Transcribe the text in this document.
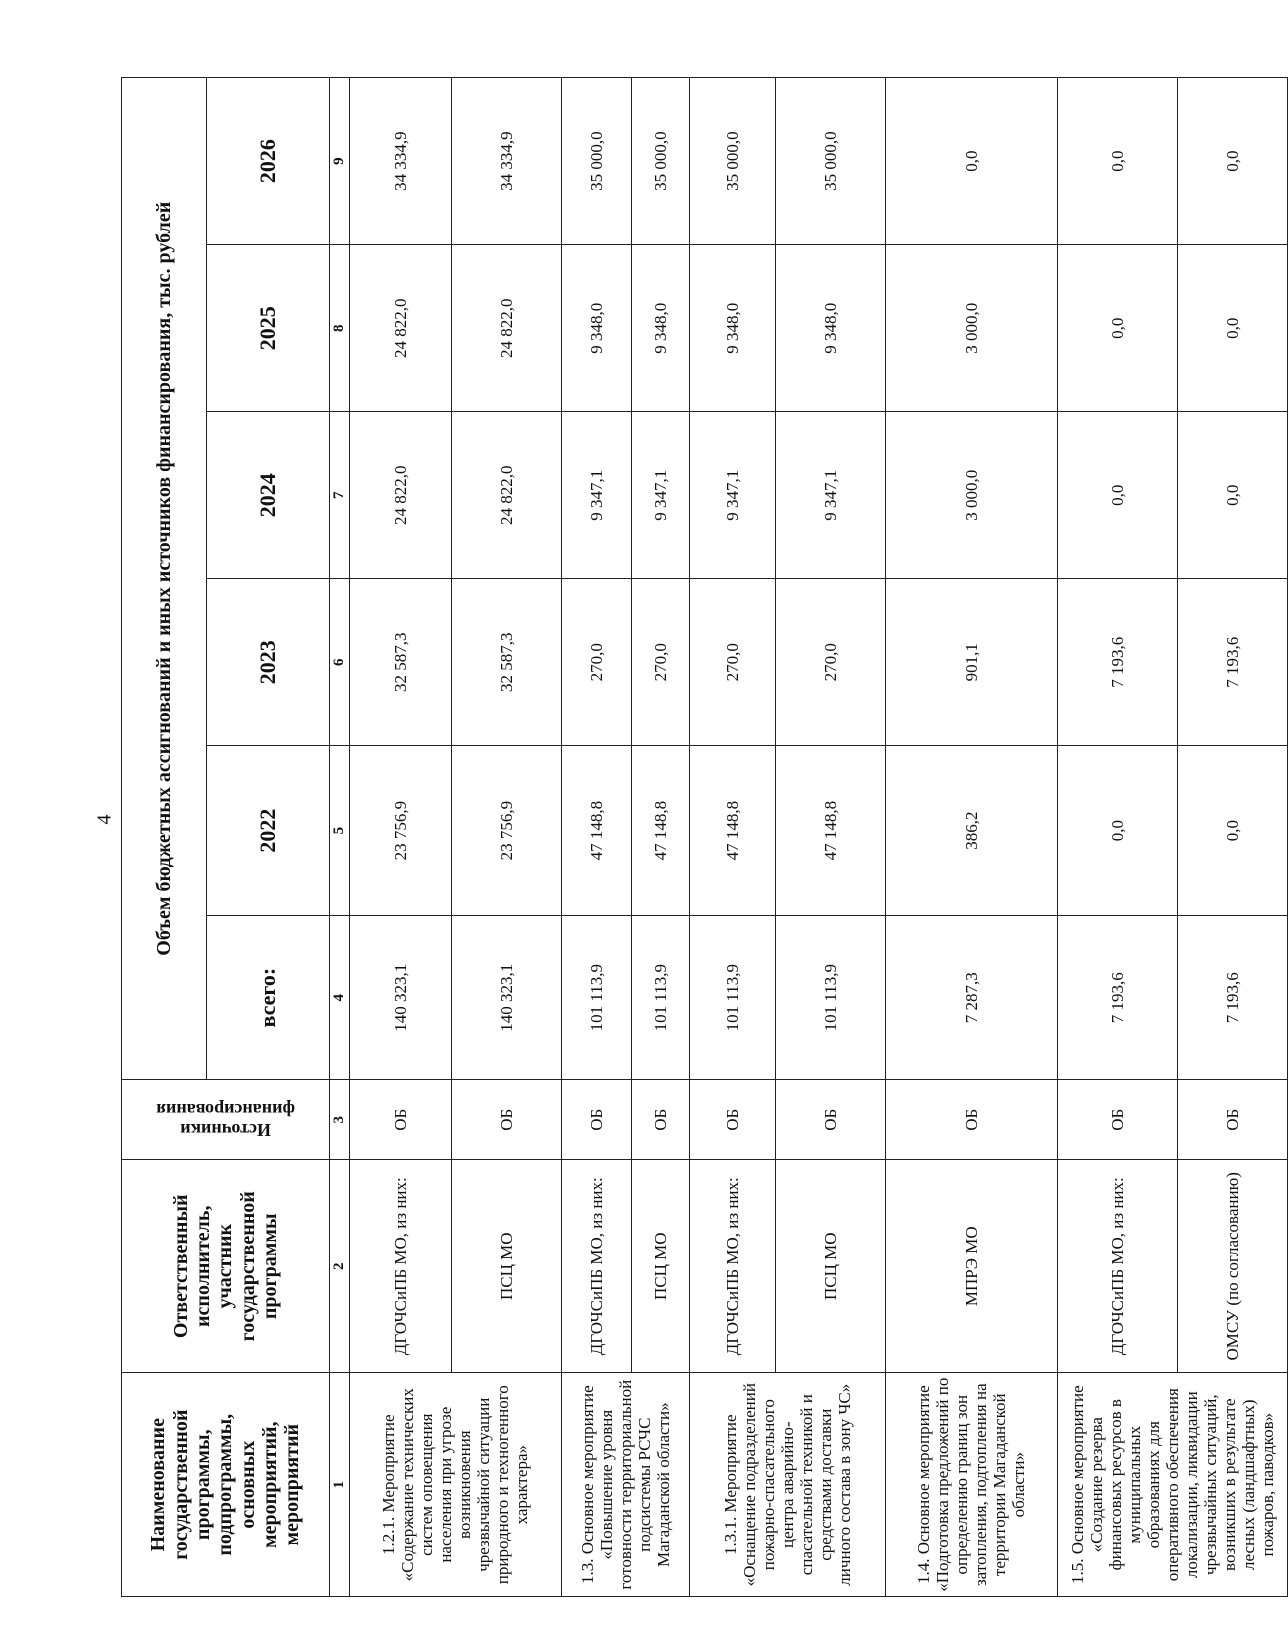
4
Наименование государственной программы, подпрограммы, основных мероприятий, мероприятий	Ответственный исполнитель, участник государственной программы	Источники финансирования	Объем бюджетных ассигнований и иных источников финансирования, тыс. рублей					
			всего:	2022	2023	2024	2025	2026
1	2	3	4	5	6	7	8	9
1.2.1. Мероприятие «Содержание технических систем оповещения населения при угрозе возникновения чрезвычайной ситуации природного и техногенного характера»	ДГОЧСиПБ МО, из них:	ОБ	140 323,1	23 756,9	32 587,3	24 822,0	24 822,0	34 334,9
	ПСЦ МО	ОБ	140 323,1	23 756,9	32 587,3	24 822,0	24 822,0	34 334,9
1.3. Основное мероприятие «Повышение уровня готовности территориальной подсистемы РСЧС Магаданской области»	ДГОЧСиПБ МО, из них:	ОБ	101 113,9	47 148,8	270,0	9 347,1	9 348,0	35 000,0
	ПСЦ МО	ОБ	101 113,9	47 148,8	270,0	9 347,1	9 348,0	35 000,0
1.3.1. Мероприятие «Оснащение подразделений пожарно-спасательного центра аварийно-спасательной техникой и средствами доставки личного состава в зону ЧС»	ДГОЧСиПБ МО, из них:	ОБ	101 113,9	47 148,8	270,0	9 347,1	9 348,0	35 000,0
	ПСЦ МО	ОБ	101 113,9	47 148,8	270,0	9 347,1	9 348,0	35 000,0
1.4. Основное мероприятие «Подготовка предложений по определению границ зон затопления, подтопления на территории Магаданской области»	МПРЭ МО	ОБ	7 287,3	386,2	901,1	3 000,0	3 000,0	0,0
1.5. Основное мероприятие «Создание резерва финансовых ресурсов в муниципальных образованиях для оперативного обеспечения локализации, ликвидации чрезвычайных ситуаций, возникших в результате лесных (ландшафтных) пожаров, паводков»	ДГОЧСиПБ МО, из них:	ОБ	7 193,6	0,0	7 193,6	0,0	0,0	0,0
	ОМСУ (по согласованию)	ОБ	7 193,6	0,0	7 193,6	0,0	0,0	0,0
